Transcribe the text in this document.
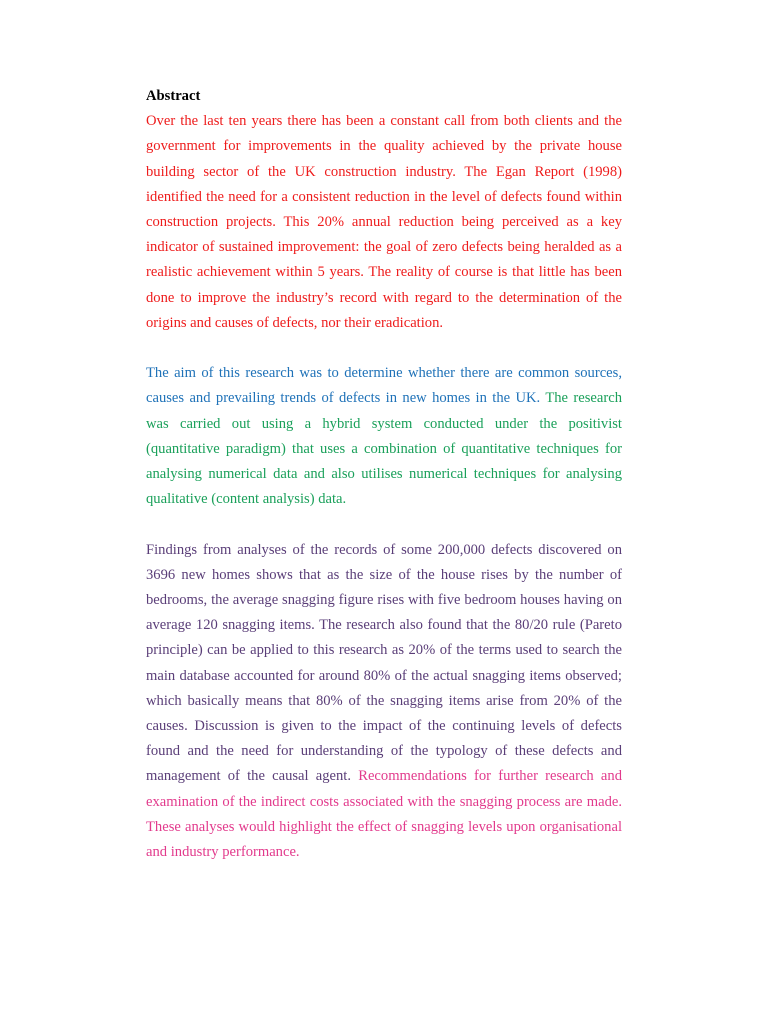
Abstract

Over the last ten years there has been a constant call from both clients and the government for improvements in the quality achieved by the private house building sector of the UK construction industry. The Egan Report (1998) identified the need for a consistent reduction in the level of defects found within construction projects. This 20% annual reduction being perceived as a key indicator of sustained improvement: the goal of zero defects being heralded as a realistic achievement within 5 years. The reality of course is that little has been done to improve the industry’s record with regard to the determination of the origins and causes of defects, nor their eradication.

The aim of this research was to determine whether there are common sources, causes and prevailing trends of defects in new homes in the UK. The research was carried out using a hybrid system conducted under the positivist (quantitative paradigm) that uses a combination of quantitative techniques for analysing numerical data and also utilises numerical techniques for analysing qualitative (content analysis) data.

Findings from analyses of the records of some 200,000 defects discovered on 3696 new homes shows that as the size of the house rises by the number of bedrooms, the average snagging figure rises with five bedroom houses having on average 120 snagging items. The research also found that the 80/20 rule (Pareto principle) can be applied to this research as 20% of the terms used to search the main database accounted for around 80% of the actual snagging items observed; which basically means that 80% of the snagging items arise from 20% of the causes. Discussion is given to the impact of the continuing levels of defects found and the need for understanding of the typology of these defects and management of the causal agent. Recommendations for further research and examination of the indirect costs associated with the snagging process are made. These analyses would highlight the effect of snagging levels upon organisational and industry performance.
